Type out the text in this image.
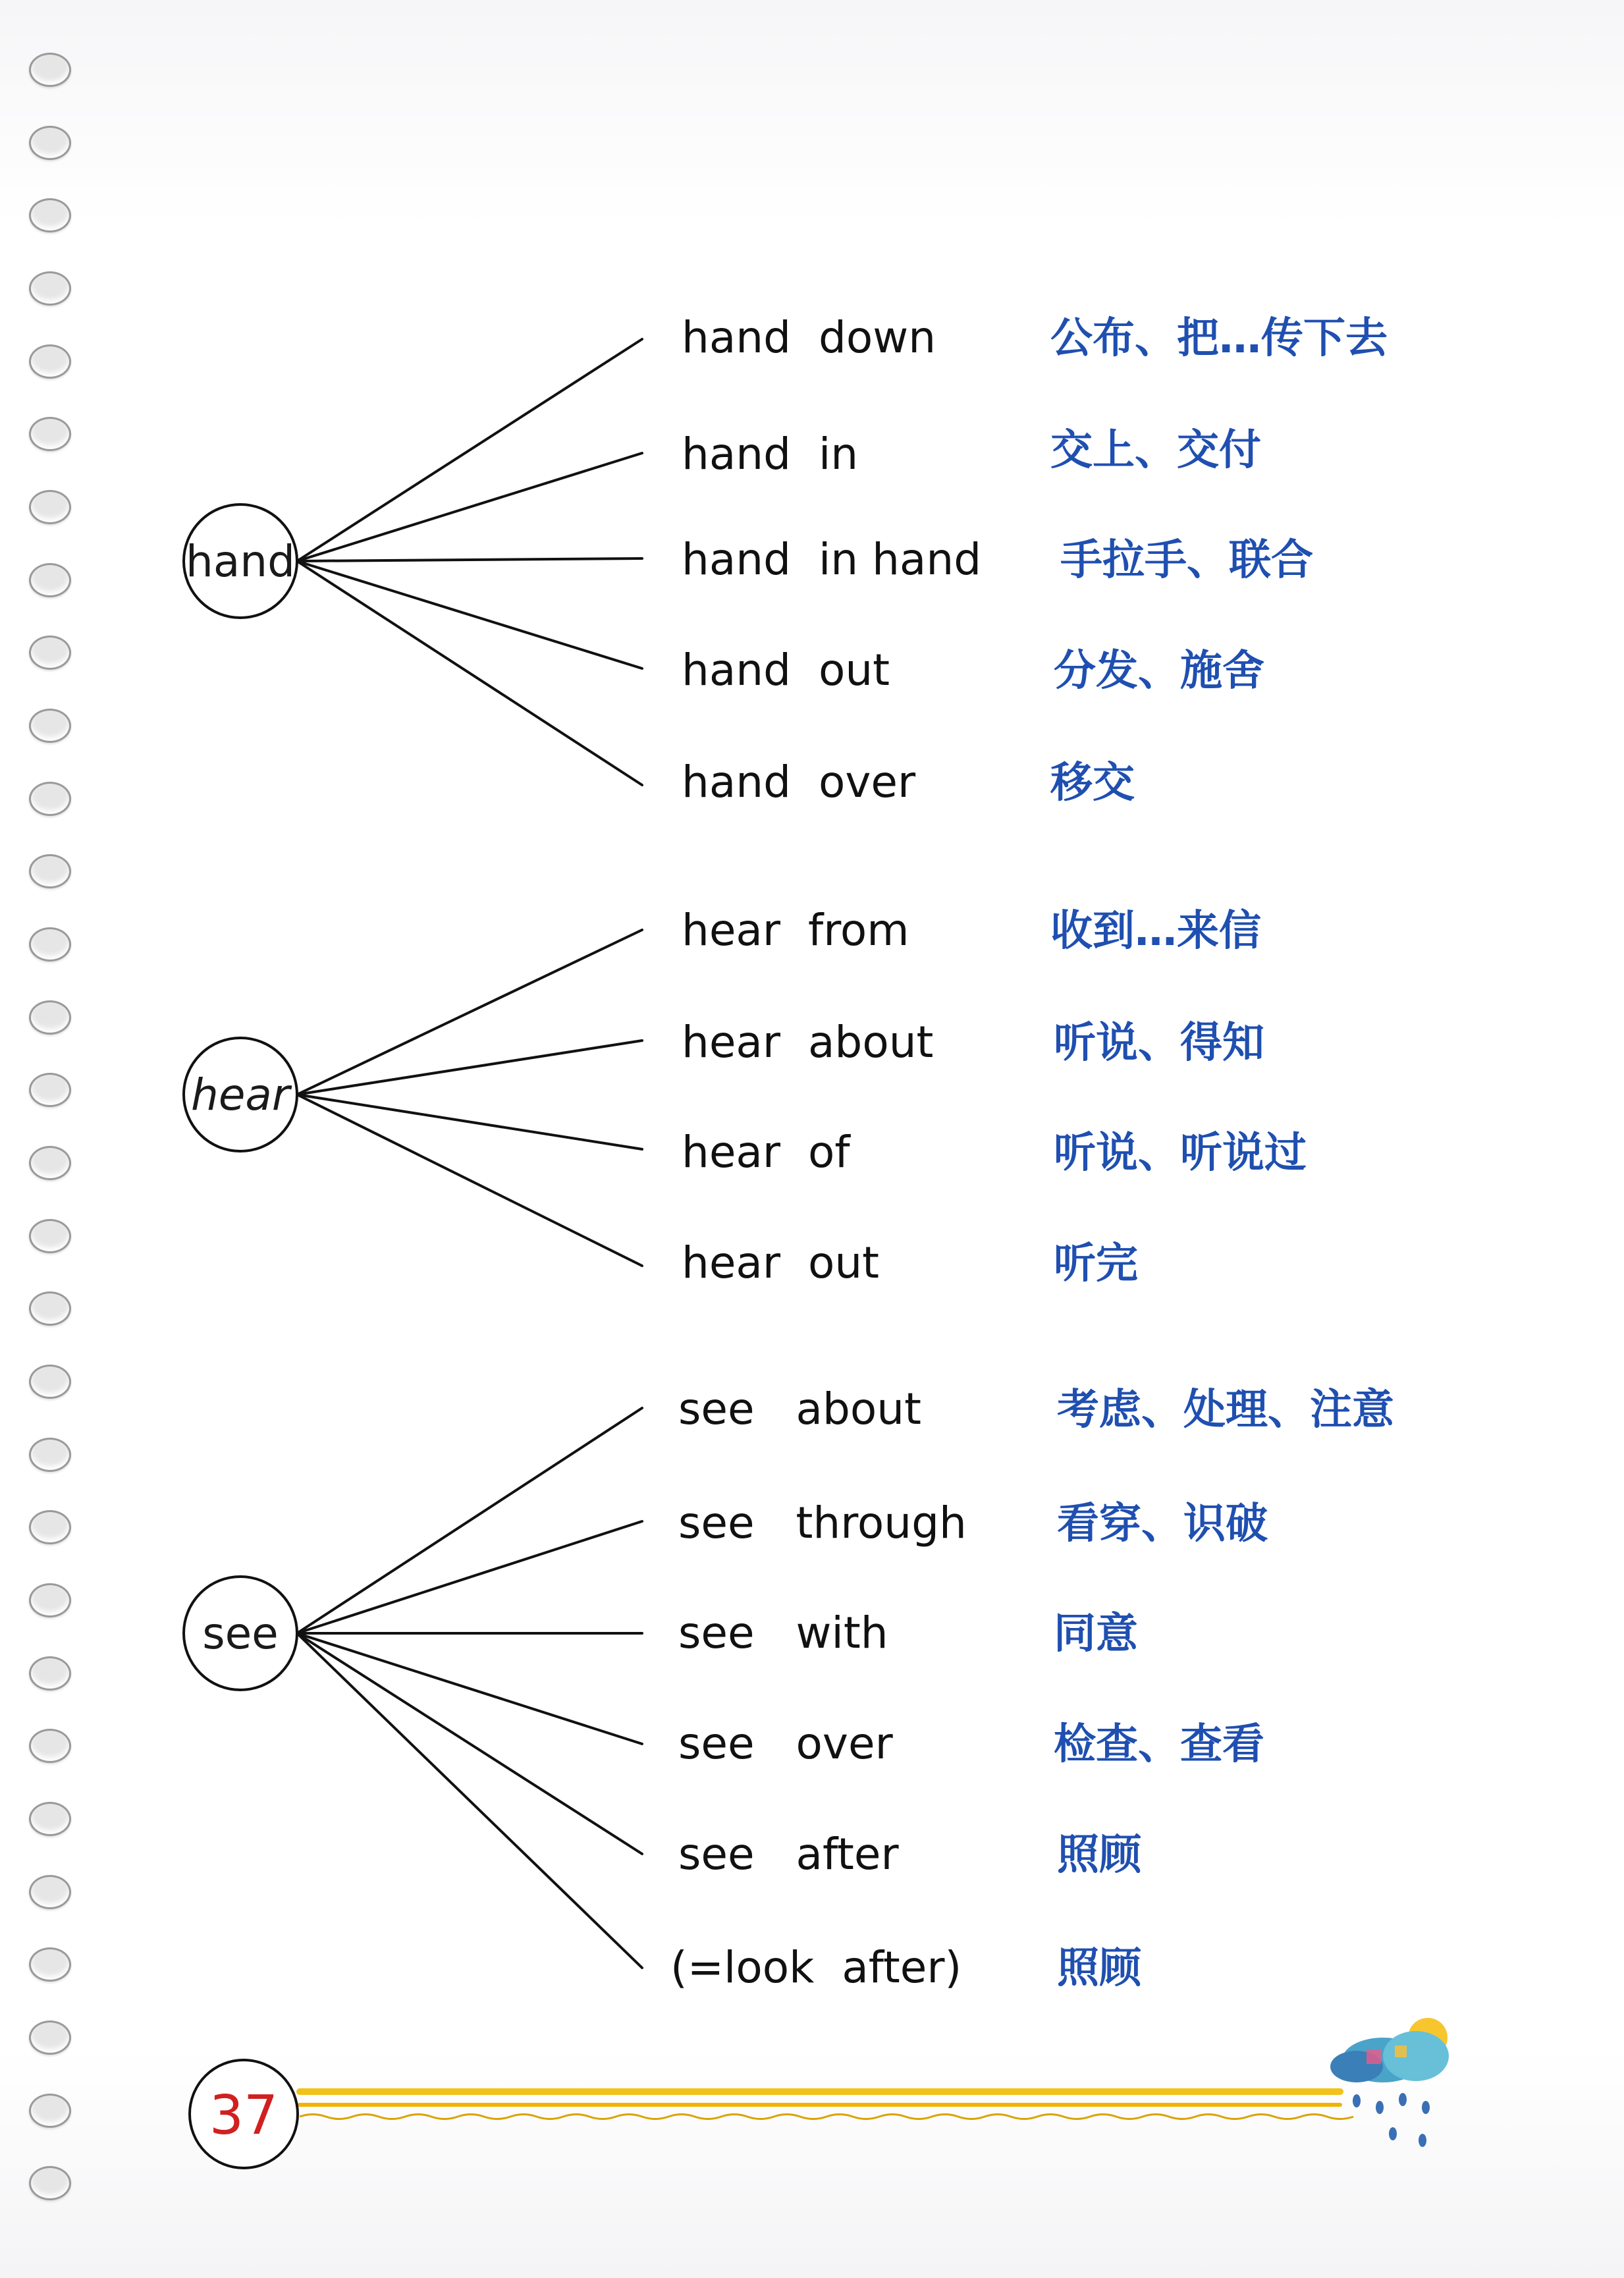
hand
hand  down	公布、把…传下去
hand  in	交上、交付
hand  in hand 手拉手、联合
hand  out	分发、施舍
hand  over	移交
hear
hear  from	收到…来信
hear  about	听说、得知
hear  of	听说、听说过
hear  out	听完
see
see   about	考虑、处理、注意
see   through 看穿、识破
see   with	同意
see   over	检查、查看
see   after	照顾
(=look  after) 照顾
37
